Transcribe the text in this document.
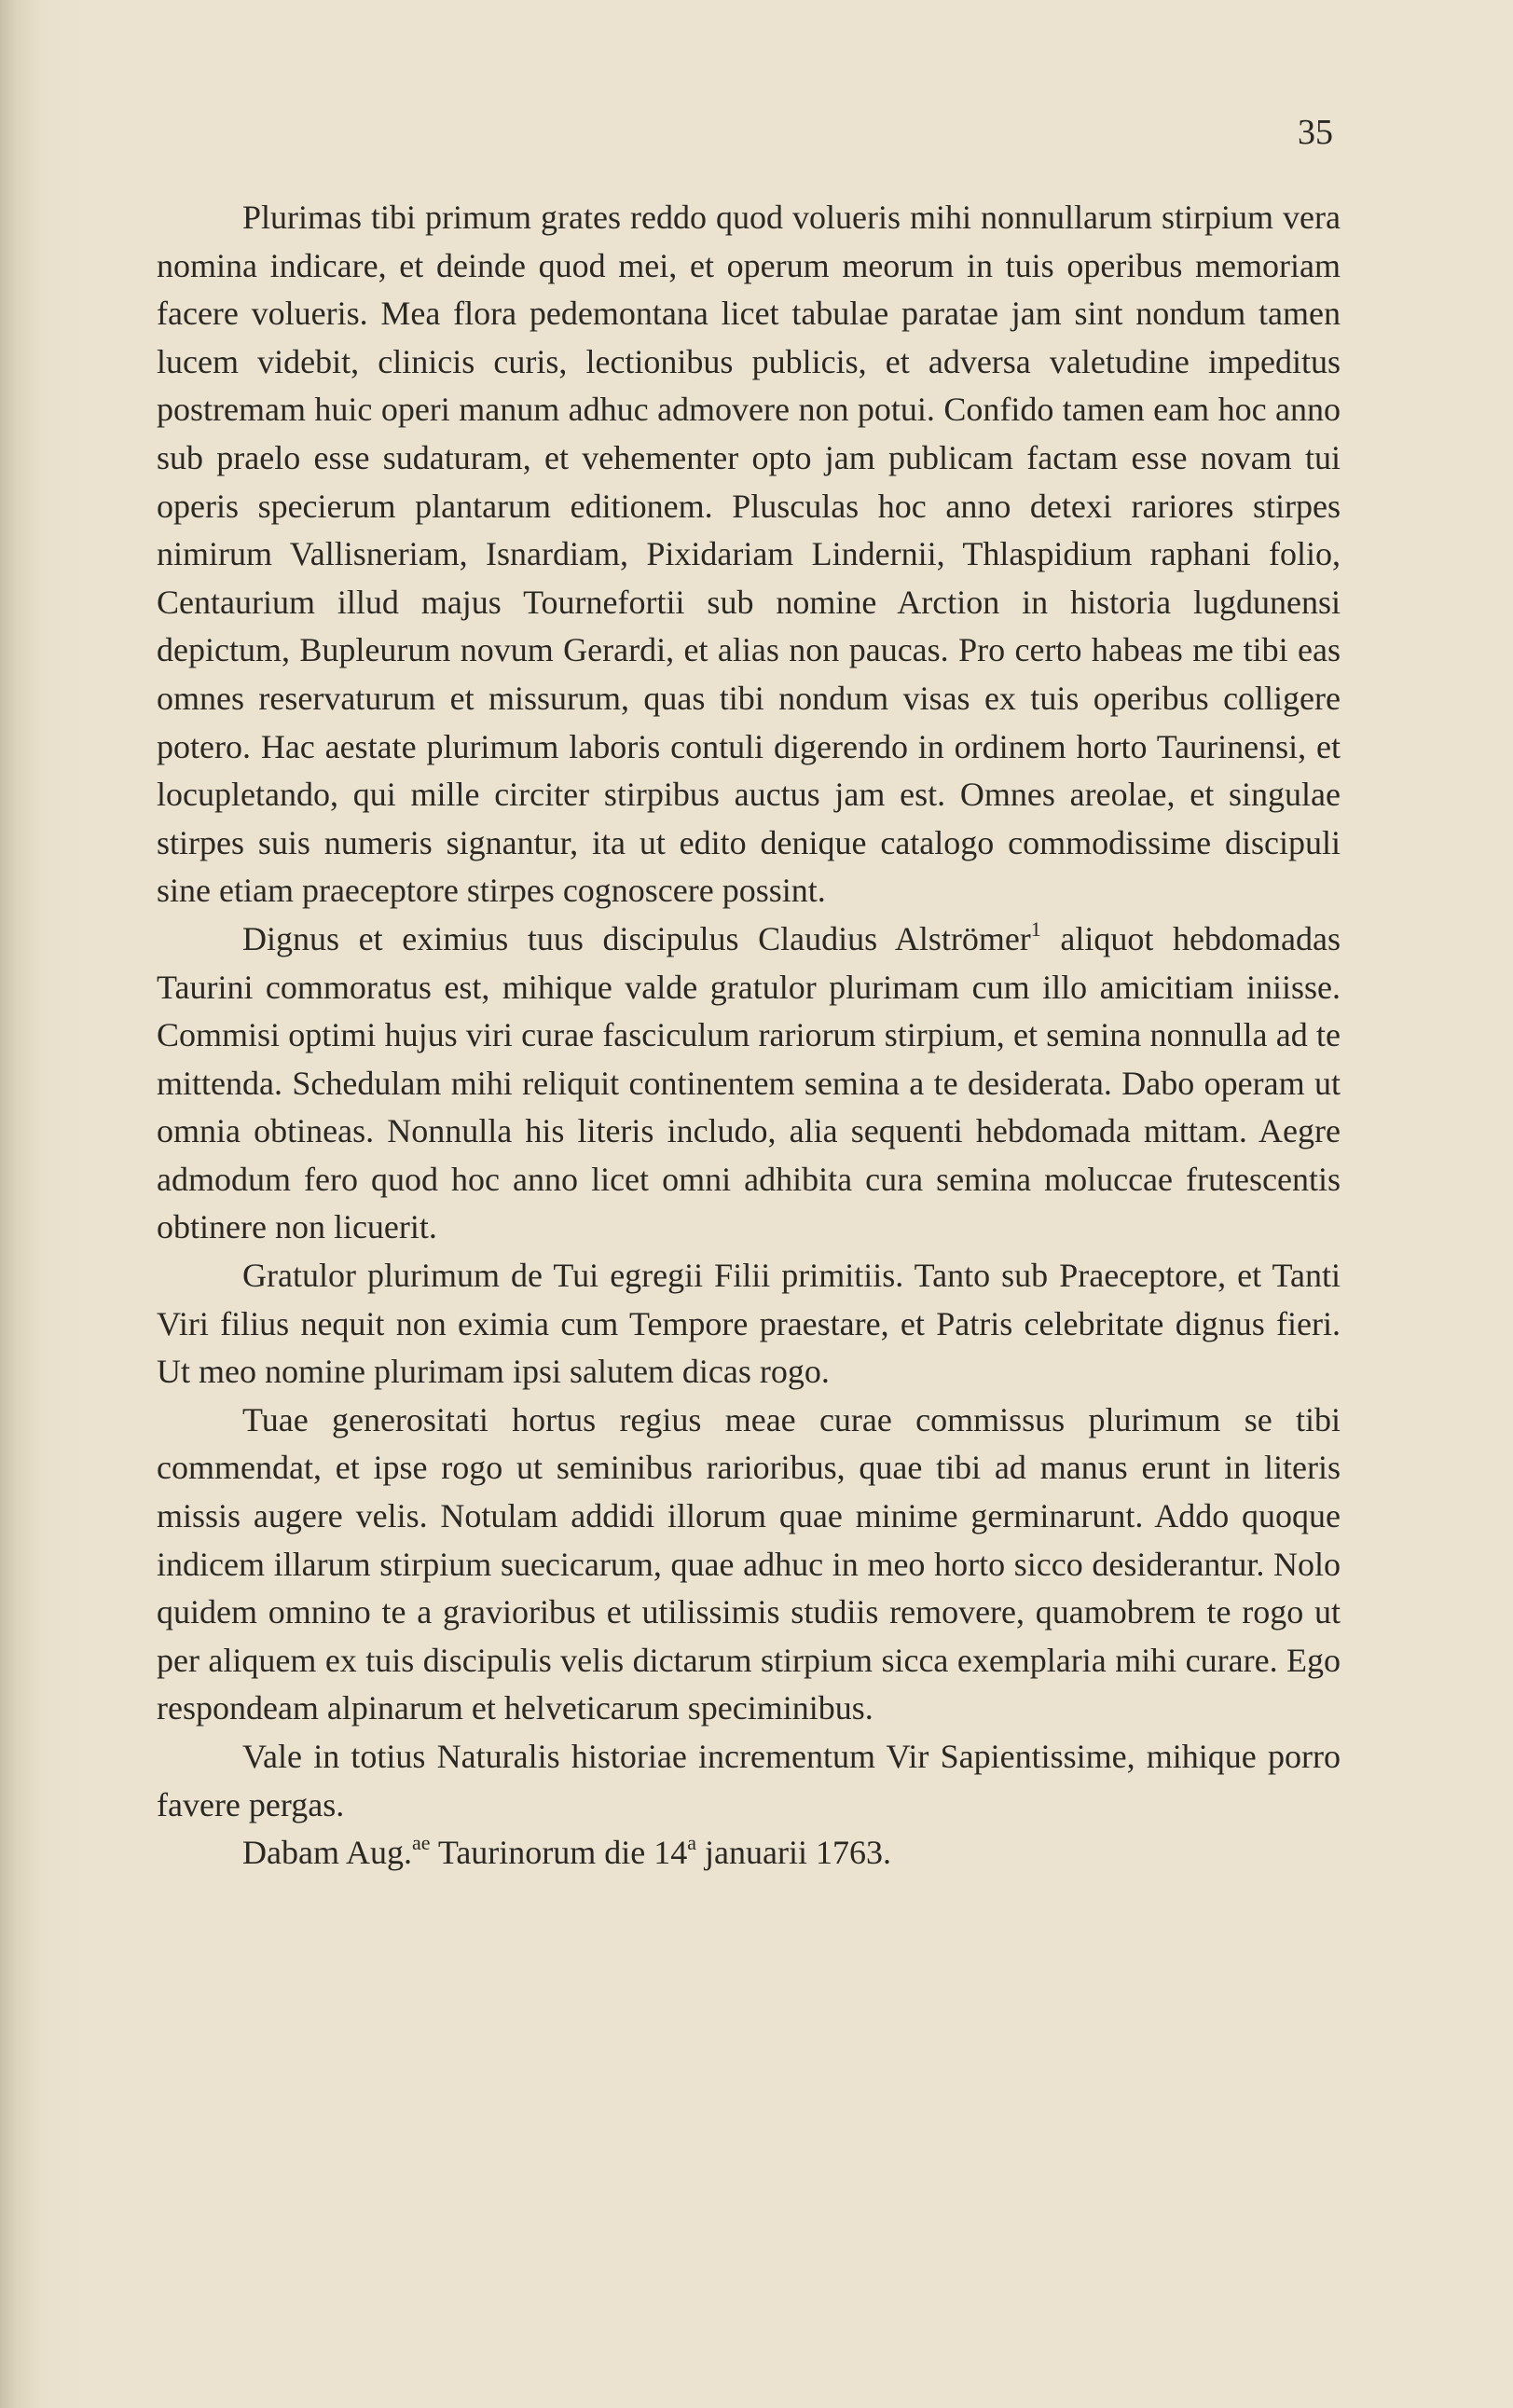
35

Plurimas tibi primum grates reddo quod volueris mihi nonnullarum stirpium vera nomina indicare, et deinde quod mei, et operum meorum in tuis operibus memoriam facere volueris. Mea flora pedemontana licet tabulae paratae jam sint nondum tamen lucem videbit, clinicis curis, lectionibus publicis, et adversa valetudine impeditus postremam huic operi manum adhuc admovere non potui. Confido tamen eam hoc anno sub praelo esse sudaturam, et vehementer opto jam publicam factam esse novam tui operis specierum plantarum editionem. Plusculas hoc anno detexi rariores stirpes nimirum Vallisneriam, Isnardiam, Pixidariam Lindernii, Thlaspidium raphani folio, Centaurium illud majus Tournefortii sub nomine Arction in historia lugdunensi depictum, Bupleurum novum Gerardi, et alias non paucas. Pro certo habeas me tibi eas omnes reservaturum et missurum, quas tibi nondum visas ex tuis operibus colligere potero. Hac aestate plurimum laboris contuli digerendo in ordinem horto Taurinensi, et locupletando, qui mille circiter stirpibus auctus jam est. Omnes areolae, et singulae stirpes suis numeris signantur, ita ut edito denique catalogo commodissime discipuli sine etiam praeceptore stirpes cognoscere possint.

Dignus et eximius tuus discipulus Claudius Alströmer$^1$ aliquot hebdomadas Taurini commoratus est, mihique valde gratulor plurimam cum illo amicitiam iniisse. Commisi optimi hujus viri curae fasciculum rariorum stirpium, et semina nonnulla ad te mittenda. Schedulam mihi reliquit continentem semina a te desiderata. Dabo operam ut omnia obtineas. Nonnulla his literis includo, alia sequenti hebdomada mittam. Aegre admodum fero quod hoc anno licet omni adhibita cura semina moluccae frutescentis obtinere non licuerit.

Gratulor plurimum de Tui egregii Filii primitiis. Tanto sub Praeceptore, et Tanti Viri filius nequit non eximia cum Tempore praestare, et Patris celebritate dignus fieri. Ut meo nomine plurimam ipsi salutem dicas rogo.

Tuae generositati hortus regius meae curae commissus plurimum se tibi commendat, et ipse rogo ut seminibus rarioribus, quae tibi ad manus erunt in literis missis augere velis. Notulam addidi illorum quae minime germinarunt. Addo quoque indicem illarum stirpium suecicarum, quae adhuc in meo horto sicco desiderantur. Nolo quidem omnino te a gravioribus et utilissimis studiis removere, quamobrem te rogo ut per aliquem ex tuis discipulis velis dictarum stirpium sicca exemplaria mihi curare. Ego respondeam alpinarum et helveticarum speciminibus.

Vale in totius Naturalis historiae incrementum Vir Sapientissime, mihique porro favere pergas.

Dabam Aug.$^{ae}$ Taurinorum die 14$^a$ januarii 1763.
